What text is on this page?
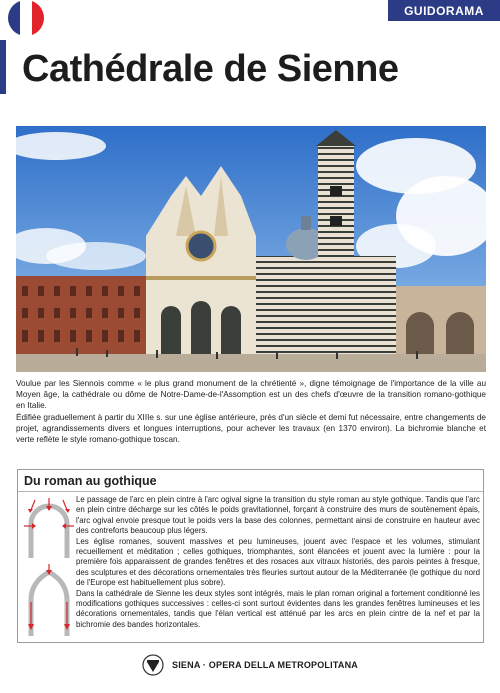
GUIDORAMA
Cathédrale de Sienne

Voulue par les Siennois comme « le plus grand monument de la chrétienté », digne témoignage de l'importance de la ville au Moyen âge, la cathédrale ou dôme de Notre-Dame-de-l'Assomption est un des chefs d'œuvre de la transition romano-gothique en Italie.

Édifiée graduellement à partir du XIIIe s. sur une église antérieure, près d'un siècle et demi fut nécessaire, entre changements de projet, agrandissements divers et longues interruptions, pour achever les travaux (en 1370 environ). La bichromie blanche et verte reflète le style romano-gothique toscan.

Du roman au gothique

Le passage de l'arc en plein cintre à l'arc ogival signe la transition du style roman au style gothique. Tandis que l'arc en plein cintre décharge sur les côtés le poids gravitationnel, forçant à construire des murs de soutènement épais, l'arc ogival envoie presque tout le poids vers la base des colonnes, permettant ainsi de construire en hauteur avec des contreforts beaucoup plus légers.

Les église romanes, souvent massives et peu lumineuses, jouent avec l'espace et les volumes, stimulant recueillement et méditation ; celles gothiques, triomphantes, sont élancées et jouent avec la lumière : pour la première fois apparaissent de grandes fenêtres et des rosaces aux vitraux historiés, des parois peintes à fresque, des sculptures et des décorations ornementales très fleuries surtout autour de la Méditerranée (le gothique du nord de l'Europe est habituellement plus sobre).

Dans la cathédrale de Sienne les deux styles sont intégrés, mais le plan roman original a fortement conditionné les modifications gothiques successives : celles-ci sont surtout évidentes dans les grandes fenêtres lumineuses et les décorations ornementales, tandis que l'élan vertical est atténué par les arcs en plein cintre de la nef et par la bichromie des bandes horizontales.

SIENA · OPERA DELLA METROPOLITANA
